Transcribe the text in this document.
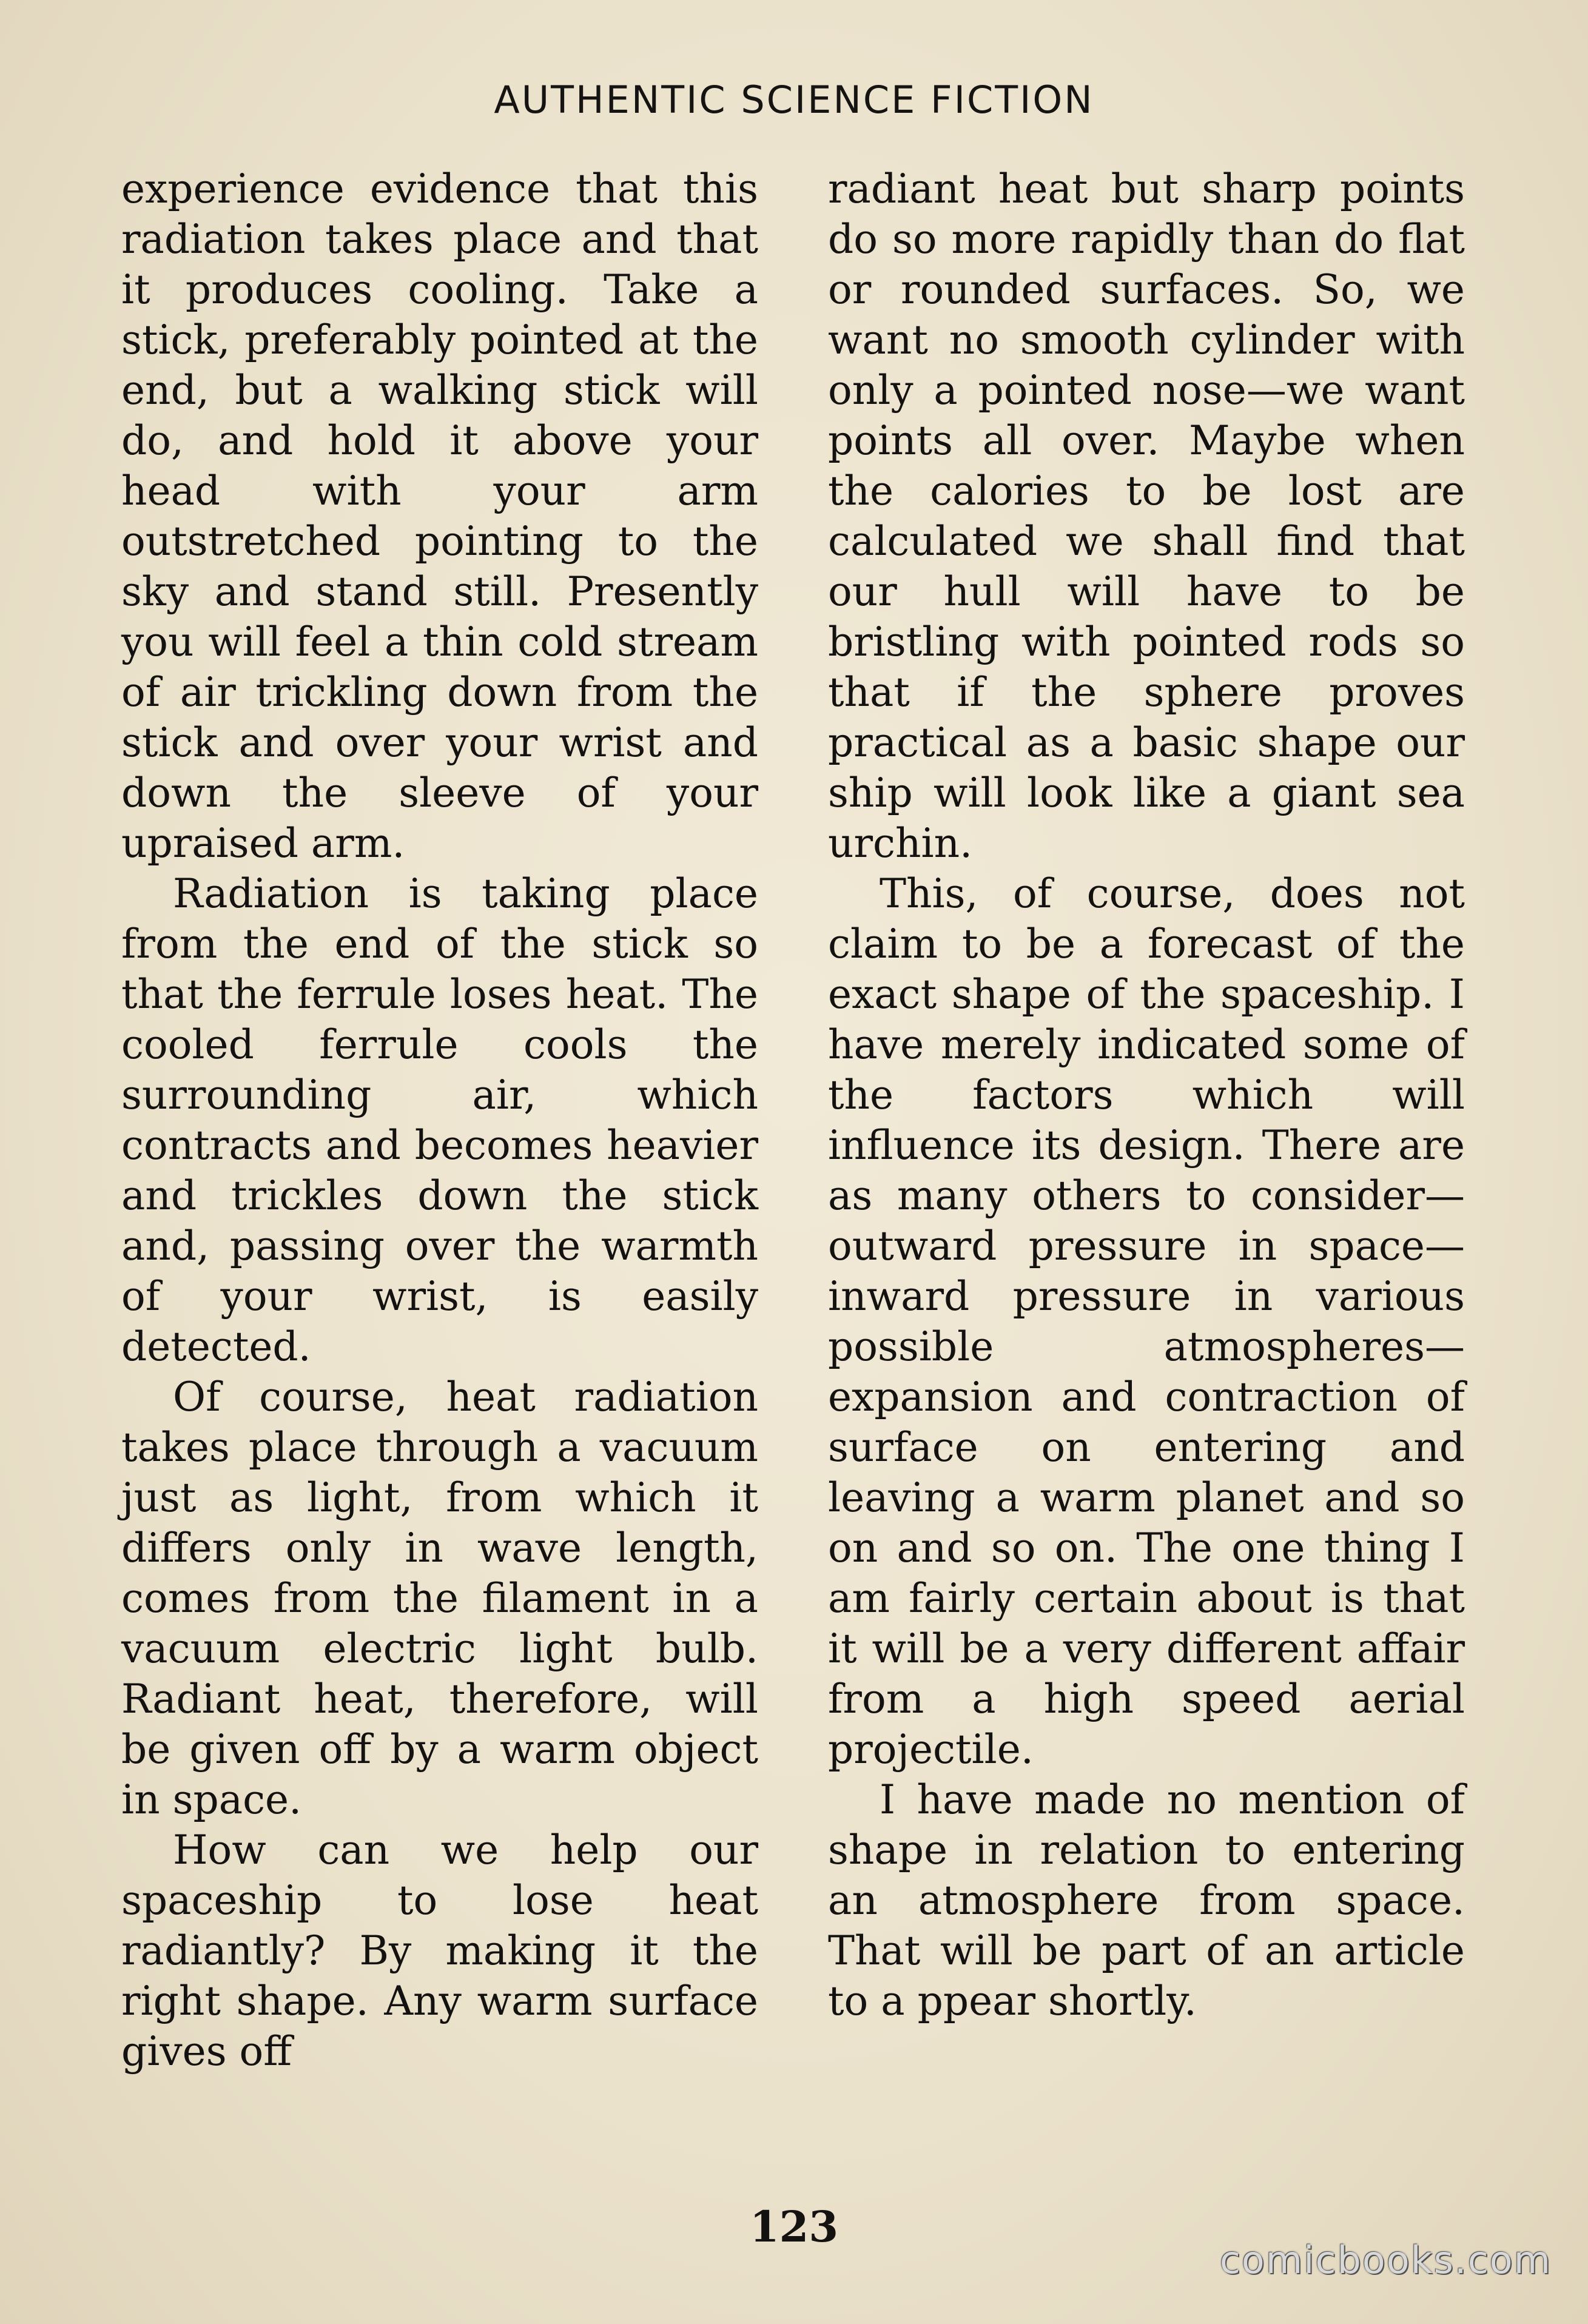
AUTHENTIC SCIENCE FICTION

experience evidence that this radiation takes place and that it produces cooling. Take a stick, preferably pointed at the end, but a walking stick will do, and hold it above your head with your arm outstretched pointing to the sky and stand still. Presently you will feel a thin cold stream of air trickling down from the stick and over your wrist and down the sleeve of your upraised arm.

Radiation is taking place from the end of the stick so that the ferrule loses heat. The cooled ferrule cools the surrounding air, which contracts and becomes heavier and trickles down the stick and, passing over the warmth of your wrist, is easily detected.

Of course, heat radiation takes place through a vacuum just as light, from which it differs only in wave length, comes from the filament in a vacuum electric light bulb. Radiant heat, therefore, will be given off by a warm object in space.

How can we help our spaceship to lose heat radiantly? By making it the right shape. Any warm surface gives off

radiant heat but sharp points do so more rapidly than do flat or rounded surfaces. So, we want no smooth cylinder with only a pointed nose—we want points all over. Maybe when the calories to be lost are calculated we shall find that our hull will have to be bristling with pointed rods so that if the sphere proves practical as a basic shape our ship will look like a giant sea urchin.

This, of course, does not claim to be a forecast of the exact shape of the spaceship. I have merely indicated some of the factors which will influence its design. There are as many others to consider—outward pressure in space—inward pressure in various possible atmospheres—expansion and contraction of surface on entering and leaving a warm planet and so on and so on. The one thing I am fairly certain about is that it will be a very different affair from a high speed aerial projectile.

I have made no mention of shape in relation to entering an atmosphere from space. That will be part of an article to a ppear shortly.

123
comicbooks.com
